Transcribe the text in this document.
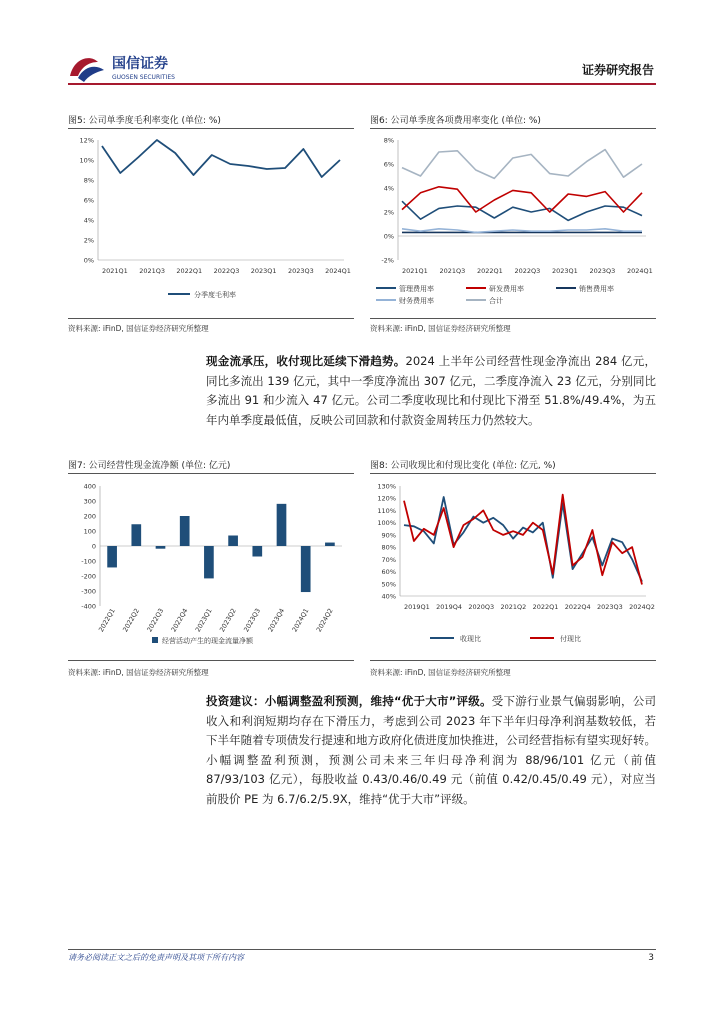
国信证券
GUOSEN SECURITIES
证券研究报告
图5: 公司单季度毛利率变化 (单位: %)	图6: 公司单季度各项费用率变化 (单位: %)
0%
2%
4%
6%
8%
10%
12%
2021Q1 2021Q3 2022Q1 2022Q3 2023Q1 2023Q3 2024Q1
分季度毛利率
-2%
0%
2%
4%
6%
8%
2021Q1 2021Q3 2022Q1 2022Q3 2023Q1 2023Q3 2024Q1
管理费用率	研发费用率	销售费用率
财务费用率	合计
资料来源: iFinD, 国信证券经济研究所整理	资料来源: iFinD, 国信证券经济研究所整理
现金流承压，收付现比延续下滑趋势。2024 上半年公司经营性现金净流出 284 亿元，同比多流出 139 亿元，其中一季度净流出 307 亿元，二季度净流入 23 亿元，分别同比多流出 91 和少流入 47 亿元。公司二季度收现比和付现比下滑至 51.8%/49.4%，为五年内单季度最低值，反映公司回款和付款资金周转压力仍然较大。
图7: 公司经营性现金流净额 (单位: 亿元)	图8: 公司收现比和付现比变化 (单位: 亿元, %)
-400
-300
-200
-100
0
100
200
300
400
2022Q1 2022Q2 2022Q3 2022Q4 2023Q1 2023Q2 2023Q3 2023Q4 2024Q1 2024Q2
经营活动产生的现金流量净额
40%
50%
60%
70%
80%
90%
100%
110%
120%
130%
2019Q1 2019Q4 2020Q3 2021Q2 2022Q1 2022Q4 2023Q3 2024Q2
收现比	付现比
资料来源: iFinD, 国信证券经济研究所整理	资料来源: iFinD, 国信证券经济研究所整理
投资建议：小幅调整盈利预测，维持“优于大市”评级。受下游行业景气偏弱影响，公司收入和利润短期均存在下滑压力，考虑到公司 2023 年下半年归母净利润基数较低，若下半年随着专项债发行提速和地方政府化债进度加快推进，公司经营指标有望实现好转。小幅调整盈利预测，预测公司未来三年归母净利润为 88/96/101 亿元（前值 87/93/103 亿元），每股收益 0.43/0.46/0.49 元（前值 0.42/0.45/0.49 元），对应当前股价 PE 为 6.7/6.2/5.9X，维持“优于大市”评级。
请务必阅读正文之后的免责声明及其项下所有内容	3
